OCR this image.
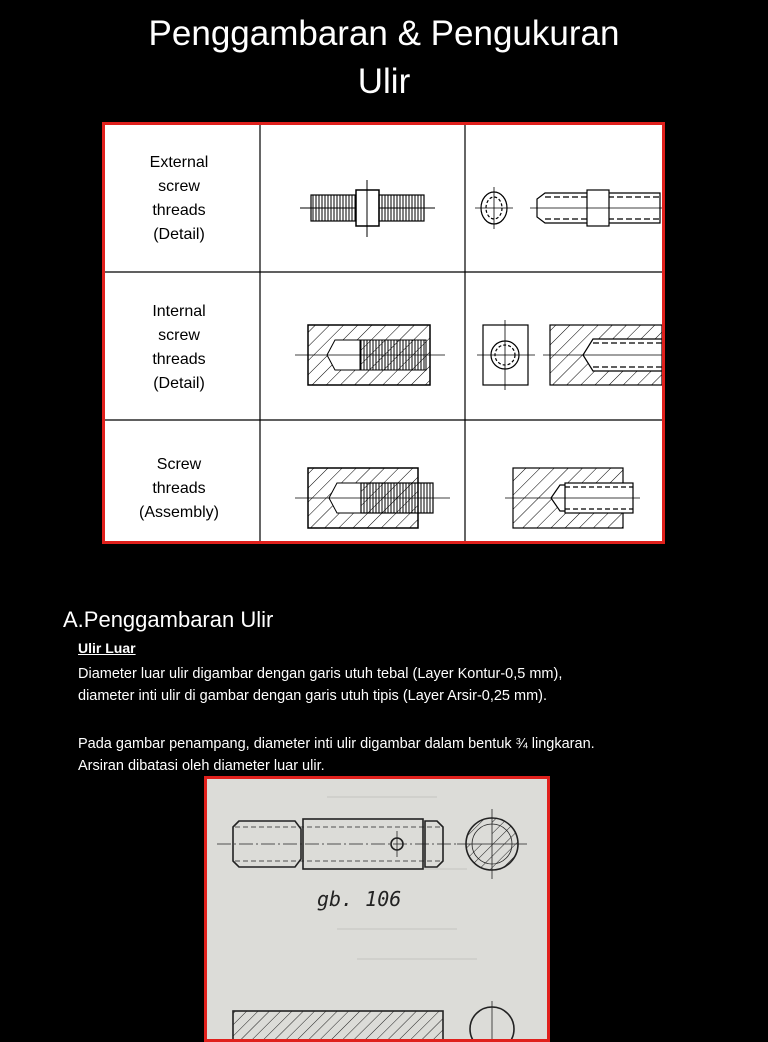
Penggambaran & Pengukuran
Ulir
External
screw
threads
(Detail)
Internal
screw
threads
(Detail)
Screw
threads
(Assembly)
A.Penggambaran Ulir
Ulir Luar
Diameter luar ulir digambar dengan garis utuh tebal (Layer Kontur-0,5 mm), diameter inti ulir di gambar dengan garis utuh tipis (Layer Arsir-0,25 mm).
Pada gambar penampang, diameter inti ulir digambar dalam bentuk ¾ lingkaran. Arsiran dibatasi oleh diameter luar ulir.
gb. 106
